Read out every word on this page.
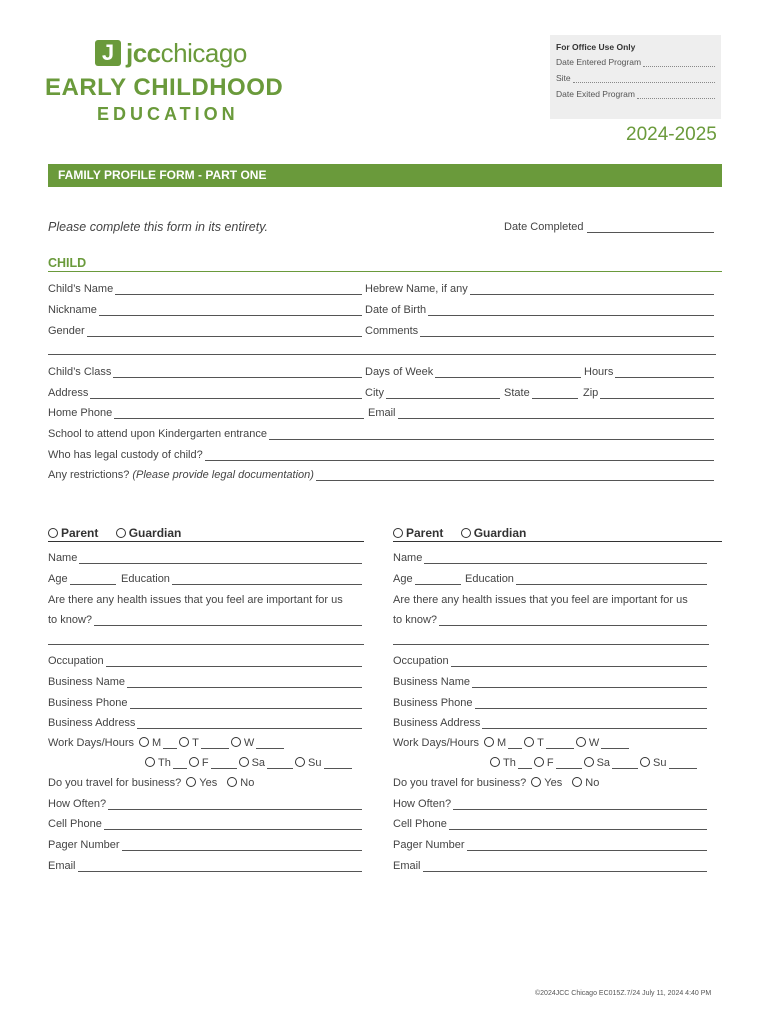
J jccchicago
EARLY CHILDHOOD
EDUCATION
For Office Use Only
Date Entered Program
Site
Date Exited Program
2024-2025
FAMILY PROFILE FORM - PART ONE
Please complete this form in its entirety.	Date Completed
CHILD
Child’s Name	Hebrew Name, if any
Nickname	Date of Birth
Gender	Comments
Child’s Class	Days of Week	Hours
Address	City	State	Zip
Home Phone	Email
School to attend upon Kindergarten entrance
Who has legal custody of child?
Any restrictions? (Please provide legal documentation)
Parent	Guardian
Name
Age	Education
Are there any health issues that you feel are important for us
to know?
Occupation
Business Name
Business Phone
Business Address
Work Days/Hours	M	T	W
Th	F	Sa	Su
Do you travel for business?	Yes	No
How Often?
Cell Phone
Pager Number
Email
Parent	Guardian
Name
Age	Education
Are there any health issues that you feel are important for us
to know?
Occupation
Business Name
Business Phone
Business Address
Work Days/Hours	M	T	W
Th	F	Sa	Su
Do you travel for business?	Yes	No
How Often?
Cell Phone
Pager Number
Email
©2024JCC Chicago EC015Z.7/24 July 11, 2024 4:40 PM
